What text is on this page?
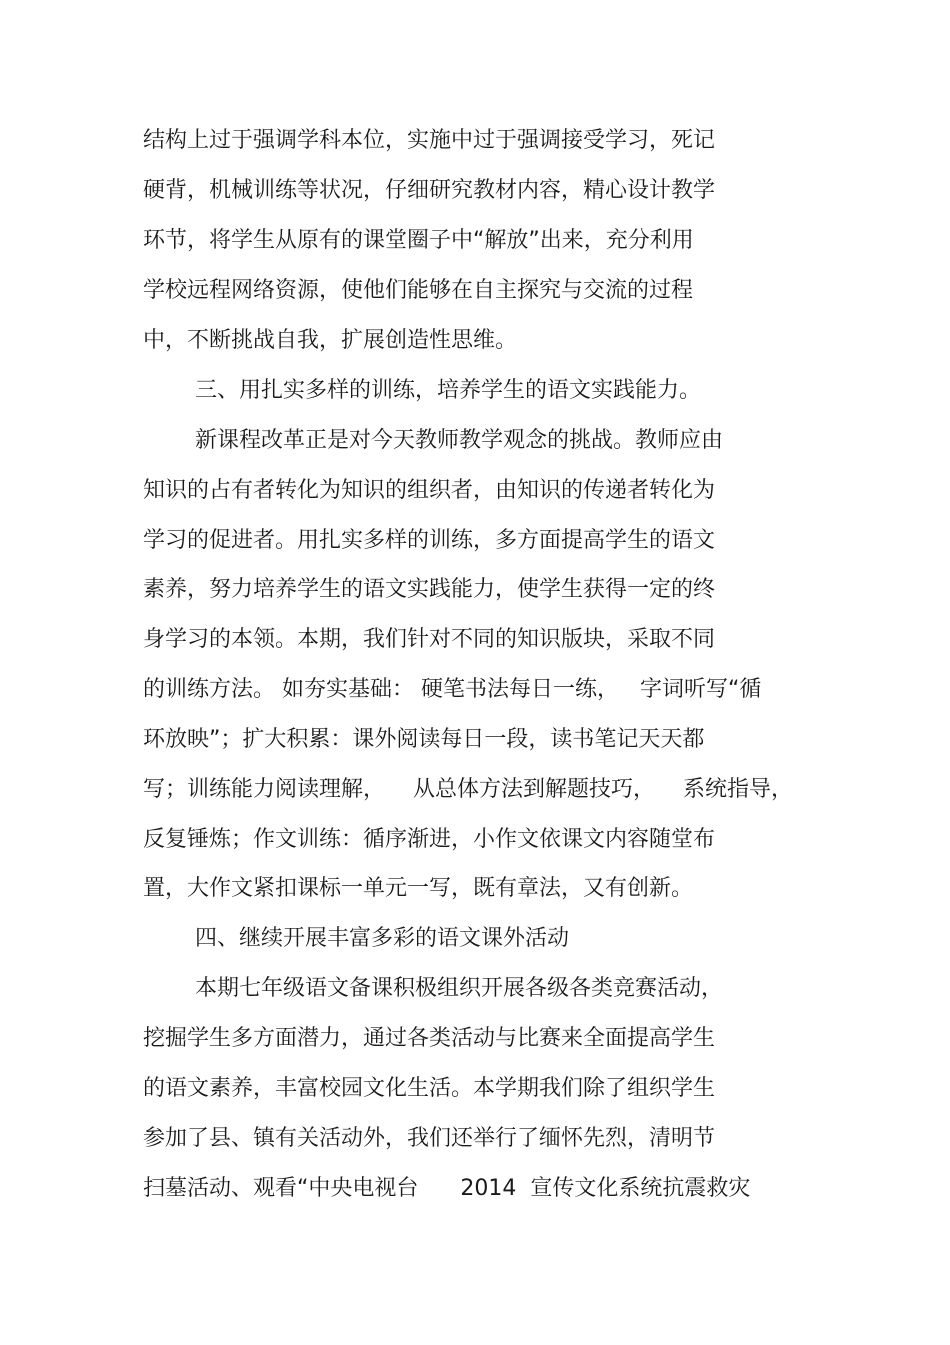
结构上过于强调学科本位，实施中过于强调接受学习，死记
硬背，机械训练等状况，仔细研究教材内容，精心设计教学
环节，将学生从原有的课堂圈子中“解放”出来，充分利用
学校远程网络资源，使他们能够在自主探究与交流的过程
中，不断挑战自我，扩展创造性思维。
三、用扎实多样的训练，培养学生的语文实践能力。
新课程改革正是对今天教师教学观念的挑战。教师应由
知识的占有者转化为知识的组织者，由知识的传递者转化为
学习的促进者。用扎实多样的训练，多方面提高学生的语文
素养，努力培养学生的语文实践能力，使学生获得一定的终
身学习的本领。本期，我们针对不同的知识版块，采取不同
的训练方法。 如夯实基础： 硬笔书法每日一练，   字词听写“循
环放映”；扩大积累：课外阅读每日一段，读书笔记天天都
写；训练能力阅读理解，    从总体方法到解题技巧，    系统指导，
反复锤炼；作文训练：循序渐进，小作文依课文内容随堂布
置，大作文紧扣课标一单元一写，既有章法，又有创新。
四、继续开展丰富多彩的语文课外活动
本期七年级语文备课积极组织开展各级各类竞赛活动，
挖掘学生多方面潜力，通过各类活动与比赛来全面提高学生
的语文素养，丰富校园文化生活。本学期我们除了组织学生
参加了县、镇有关活动外，我们还举行了缅怀先烈，清明节
扫墓活动、观看“中央电视台      2014  宣传文化系统抗震救灾
